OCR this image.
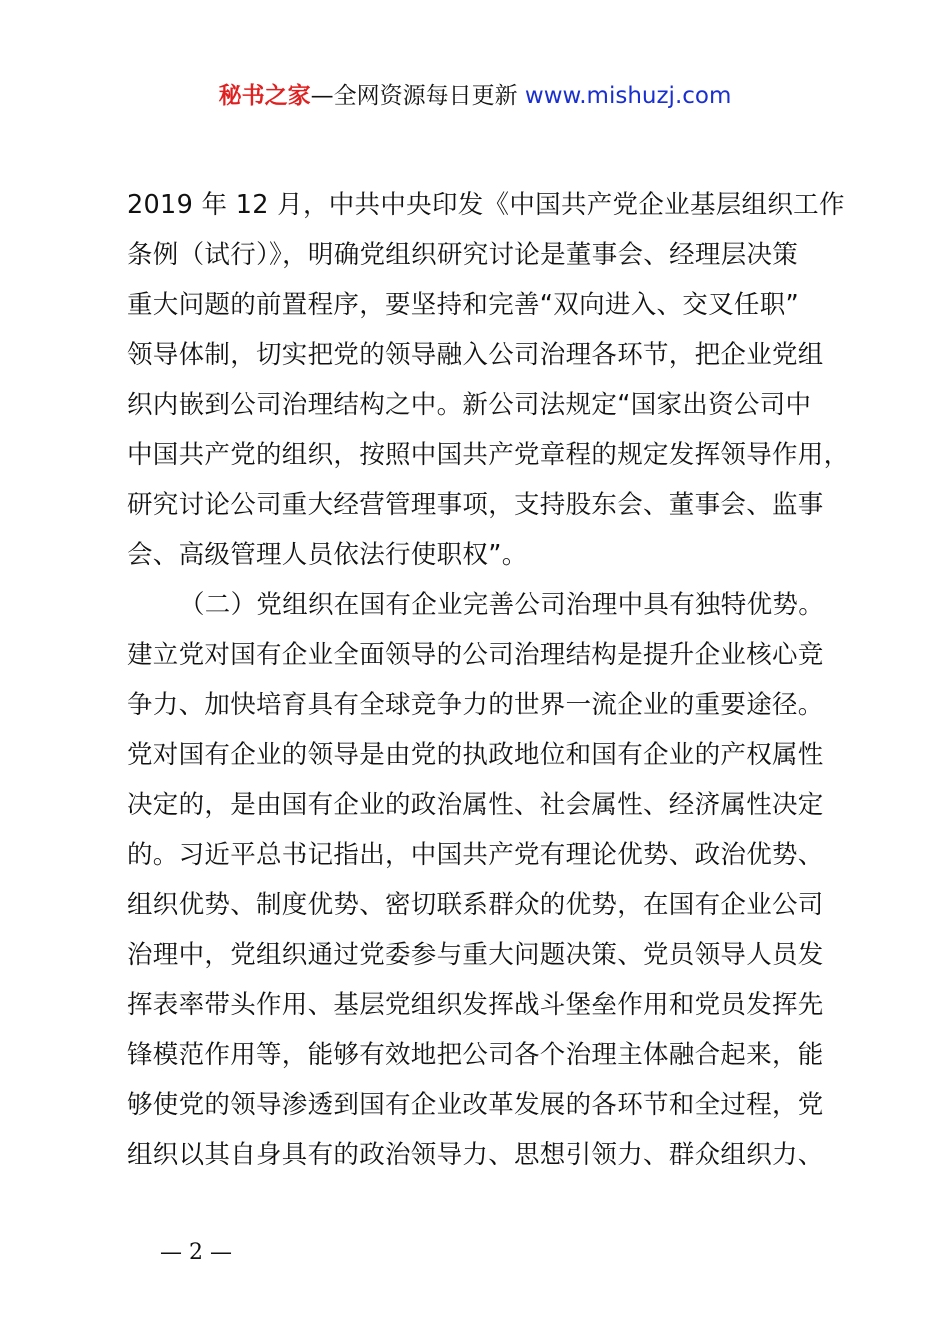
秘书之家—全网资源每日更新 www.mishuzj.com
2019 年 12 月，中共中央印发《中国共产党企业基层组织工作
条例（试行）》，明确党组织研究讨论是董事会、经理层决策
重大问题的前置程序，要坚持和完善“双向进入、交叉任职”
领导体制，切实把党的领导融入公司治理各环节，把企业党组
织内嵌到公司治理结构之中。新公司法规定“国家出资公司中
中国共产党的组织，按照中国共产党章程的规定发挥领导作用，
研究讨论公司重大经营管理事项，支持股东会、董事会、监事
会、高级管理人员依法行使职权”。
（二）党组织在国有企业完善公司治理中具有独特优势。
建立党对国有企业全面领导的公司治理结构是提升企业核心竞
争力、加快培育具有全球竞争力的世界一流企业的重要途径。
党对国有企业的领导是由党的执政地位和国有企业的产权属性
决定的，是由国有企业的政治属性、社会属性、经济属性决定
的。习近平总书记指出，中国共产党有理论优势、政治优势、
组织优势、制度优势、密切联系群众的优势，在国有企业公司
治理中，党组织通过党委参与重大问题决策、党员领导人员发
挥表率带头作用、基层党组织发挥战斗堡垒作用和党员发挥先
锋模范作用等，能够有效地把公司各个治理主体融合起来，能
够使党的领导渗透到国有企业改革发展的各环节和全过程，党
组织以其自身具有的政治领导力、思想引领力、群众组织力、
— 2 —
